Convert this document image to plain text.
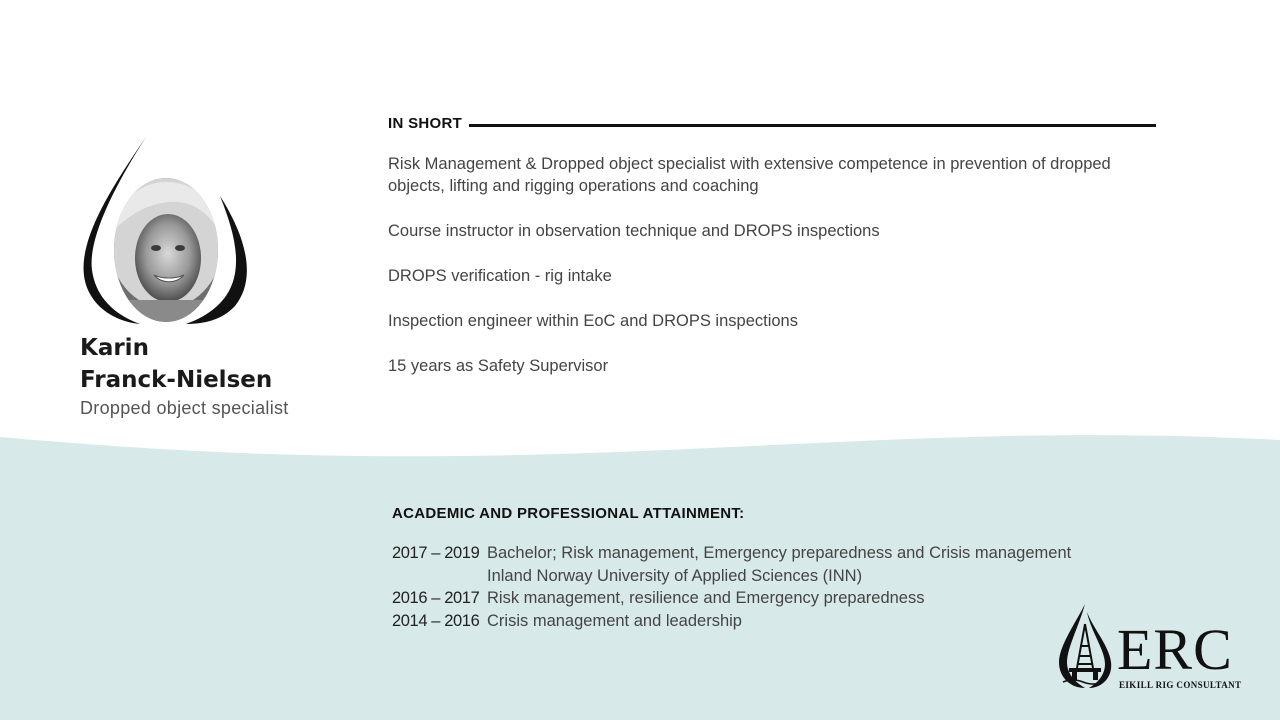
Karin
Franck-Nielsen
Dropped object specialist
IN SHORT
Risk Management & Dropped object specialist with extensive competence in prevention of dropped objects, lifting and rigging operations and coaching
Course instructor in observation technique and DROPS inspections
DROPS verification - rig intake
Inspection engineer within EoC and DROPS inspections
15 years as Safety Supervisor
ACADEMIC AND PROFESSIONAL ATTAINMENT:
2017 – 2019 Bachelor; Risk management, Emergency preparedness and Crisis management
Inland Norway University of Applied Sciences (INN)
2016 – 2017 Risk management, resilience and Emergency preparedness
2014 – 2016 Crisis management and leadership	ERC
EIKILL RIG CONSULTANT
